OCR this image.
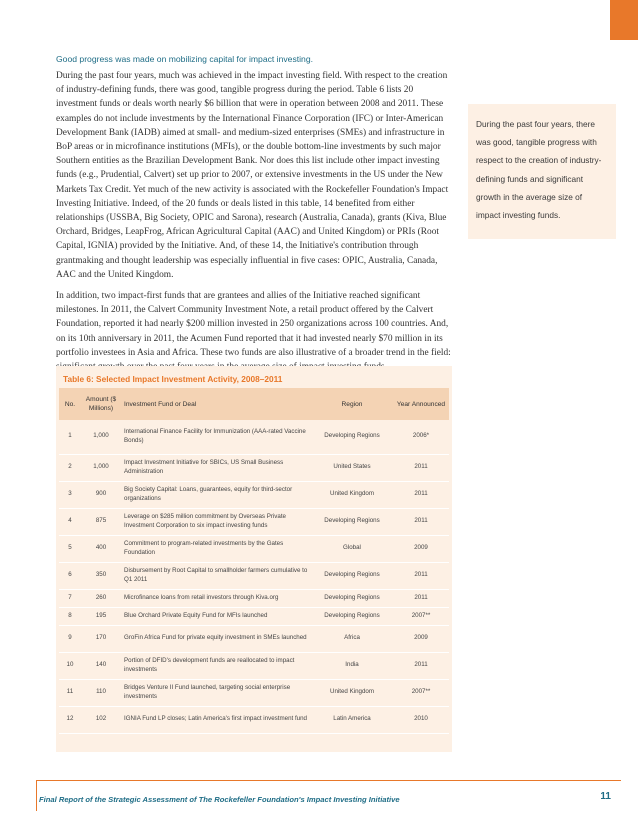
Good progress was made on mobilizing capital for impact investing.

During the past four years, much was achieved in the impact investing field. With respect to the creation of industry-defining funds, there was good, tangible progress during the period. Table 6 lists 20 investment funds or deals worth nearly $6 billion that were in operation between 2008 and 2011. These examples do not include investments by the International Finance Corporation (IFC) or Inter-American Development Bank (IADB) aimed at small- and medium-sized enterprises (SMEs) and infrastructure in BoP areas or in microfinance institutions (MFIs), or the double bottom-line investments by such major Southern entities as the Brazilian Development Bank. Nor does this list include other impact investing funds (e.g., Prudential, Calvert) set up prior to 2007, or extensive investments in the US under the New Markets Tax Credit. Yet much of the new activity is associated with the Rockefeller Foundation's Impact Investing Initiative. Indeed, of the 20 funds or deals listed in this table, 14 benefited from either relationships (USSBA, Big Society, OPIC and Sarona), research (Australia, Canada), grants (Kiva, Blue Orchard, Bridges, LeapFrog, African Agricultural Capital (AAC) and United Kingdom) or PRIs (Root Capital, IGNIA) provided by the Initiative. And, of these 14, the Initiative's contribution through grantmaking and thought leadership was especially influential in five cases: OPIC, Australia, Canada, AAC and the United Kingdom.

In addition, two impact-first funds that are grantees and allies of the Initiative reached significant milestones. In 2011, the Calvert Community Investment Note, a retail product offered by the Calvert Foundation, reported it had nearly $200 million invested in 250 organizations across 100 countries. And, on its 10th anniversary in 2011, the Acumen Fund reported that it had invested nearly $70 million in its portfolio investees in Asia and Africa. These two funds are also illustrative of a broader trend in the field:

During the past four years, there was good, tangible progress with respect to the creation of industry-defining funds and significant growth in the average size of impact investing funds.
Table 6: Selected Impact Investment Activity, 2008–2011
No.	Amount ($ Millions)	Investment Fund or Deal	Region	Year Announced
1	1,000	International Finance Facility for Immunization (AAA-rated Vaccine Bonds)	Developing Regions	2006*
2	1,000	Impact Investment Initiative for SBICs, US Small Business Administration	United States	2011
3	900	Big Society Capital: Loans, guarantees, equity for third-sector organizations	United Kingdom	2011
4	875	Leverage on $285 million commitment by Overseas Private Investment Corporation to six impact investing funds	Developing Regions	2011
5	400	Commitment to program-related investments by the Gates Foundation	Global	2009
6	350	Disbursement by Root Capital to smallholder farmers cumulative to Q1 2011	Developing Regions	2011
7	260	Microfinance loans from retail investors through Kiva.org	Developing Regions	2011
8	195	Blue Orchard Private Equity Fund for MFIs launched	Developing Regions	2007**
9	170	GroFin Africa Fund for private equity investment in SMEs launched	Africa	2009
10	140	Portion of DFID's development funds are reallocated to impact investments	India	2011
11	110	Bridges Venture II Fund launched, targeting social enterprise investments	United Kingdom	2007**
12	102	IGNIA Fund LP closes; Latin America's first impact investment fund	Latin America	2010
Final Report of the Strategic Assessment of The Rockefeller Foundation's Impact Investing Initiative	11
